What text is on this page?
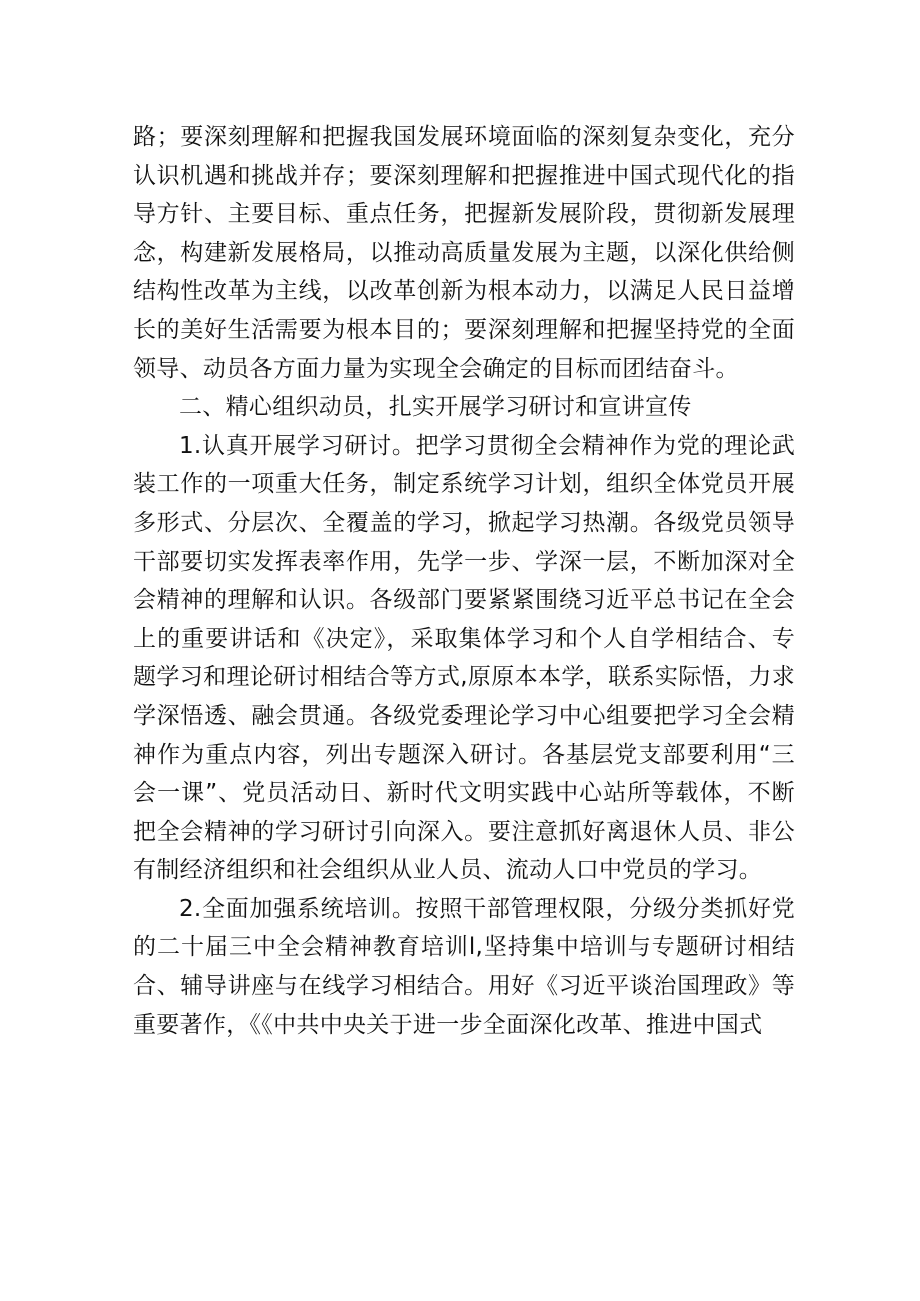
路；要深刻理解和把握我国发展环境面临的深刻复杂变化，充分认识机遇和挑战并存；要深刻理解和把握推进中国式现代化的指导方针、主要目标、重点任务，把握新发展阶段，贯彻新发展理念，构建新发展格局，以推动高质量发展为主题，以深化供给侧结构性改革为主线，以改革创新为根本动力，以满足人民日益增长的美好生活需要为根本目的；要深刻理解和把握坚持党的全面领导、动员各方面力量为实现全会确定的目标而团结奋斗。

二、精心组织动员，扎实开展学习研讨和宣讲宣传

1.认真开展学习研讨。把学习贯彻全会精神作为党的理论武装工作的一项重大任务，制定系统学习计划，组织全体党员开展多形式、分层次、全覆盖的学习，掀起学习热潮。各级党员领导干部要切实发挥表率作用，先学一步、学深一层，不断加深对全会精神的理解和认识。各级部门要紧紧围绕习近平总书记在全会上的重要讲话和《决定》，采取集体学习和个人自学相结合、专题学习和理论研讨相结合等方式,原原本本学，联系实际悟，力求学深悟透、融会贯通。各级党委理论学习中心组要把学习全会精神作为重点内容，列出专题深入研讨。各基层党支部要利用“三会一课”、党员活动日、新时代文明实践中心站所等载体，不断把全会精神的学习研讨引向深入。要注意抓好离退休人员、非公有制经济组织和社会组织从业人员、流动人口中党员的学习。

2.全面加强系统培训。按照干部管理权限，分级分类抓好党的二十届三中全会精神教育培训l,坚持集中培训与专题研讨相结合、辅导讲座与在线学习相结合。用好《习近平谈治国理政》等重要著作，《《中共中央关于进一步全面深化改革、推进中国式
